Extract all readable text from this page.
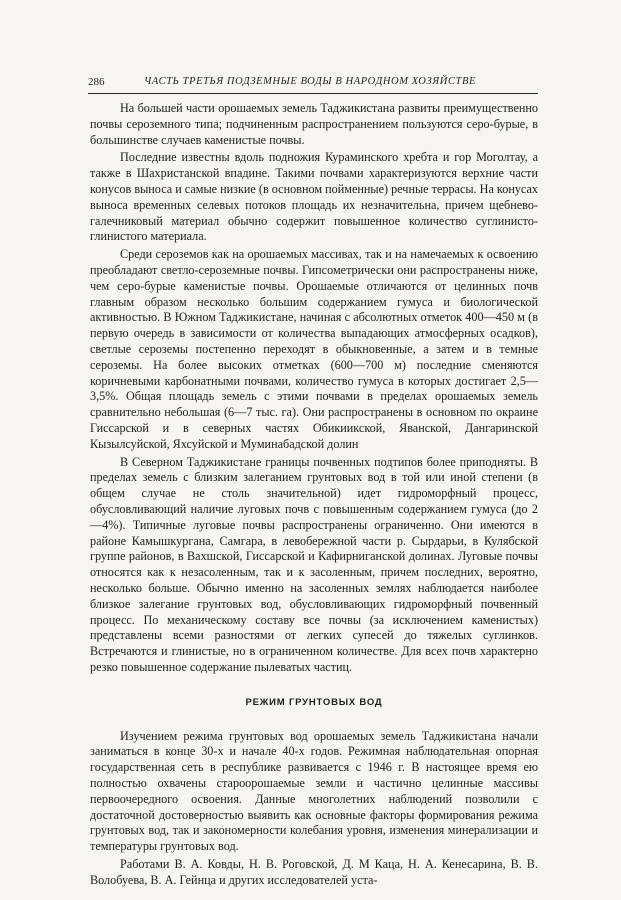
286	ЧАСТЬ ТРЕТЬЯ ПОДЗЕМНЫЕ ВОДЫ В НАРОДНОМ ХОЗЯЙСТВЕ

На большей части орошаемых земель Таджикистана развиты преимущественно почвы сероземного типа; подчиненным распространением пользуются серо-бурые, в большинстве случаев каменистые почвы.

Последние известны вдоль подножия Кураминского хребта и гор Моголтау, а также в Шахристанской впадине. Такими почвами характеризуются верхние части конусов выноса и самые низкие (в основном пойменные) речные террасы. На конусах выноса временных селевых потоков площадь их незначительна, причем щебнево-галечниковый материал обычно содержит повышенное количество суглинисто-глинистого материала.

Среди сероземов как на орошаемых массивах, так и на намечаемых к освоению преобладают светло-сероземные почвы. Гипсометрически они распространены ниже, чем серо-бурые каменистые почвы. Орошаемые отличаются от целинных почв главным образом несколько большим содержанием гумуса и биологической активностью. В Южном Таджикистане, начиная с абсолютных отметок 400—450 м (в первую очередь в зависимости от количества выпадающих атмосферных осадков), светлые сероземы постепенно переходят в обыкновенные, а затем и в темные сероземы. На более высоких отметках (600—700 м) последние сменяются коричневыми карбонатными почвами, количество гумуса в которых достигает 2,5—3,5%. Общая площадь земель с этими почвами в пределах орошаемых земель сравнительно небольшая (6—7 тыс. га). Они распространены в основном по окраине Гиссарской и в северных частях Обикиикской, Яванской, Дангаринской Кызылсуйской, Яхсуйской и Муминабадской долин

В Северном Таджикистане границы почвенных подтипов более приподняты. В пределах земель с близким залеганием грунтовых вод в той или иной степени (в общем случае не столь значительной) идет гидроморфный процесс, обусловливающий наличие луговых почв с повышенным содержанием гумуса (до 2—4%). Типичные луговые почвы распространены ограниченно. Они имеются в районе Камышкургана, Самгара, в левобережной части р. Сырдарьи, в Кулябской группе районов, в Вахшской, Гиссарской и Кафирниганской долинах. Луговые почвы относятся как к незасоленным, так и к засоленным, причем последних, вероятно, несколько больше. Обычно именно на засоленных землях наблюдается наиболее близкое залегание грунтовых вод, обусловливающих гидроморфный почвенный процесс. По механическому составу все почвы (за исключением каменистых) представлены всеми разностями от легких супесей до тяжелых суглинков. Встречаются и глинистые, но в ограниченном количестве. Для всех почв характерно резко повышенное содержание пылеватых частиц.

РЕЖИМ ГРУНТОВЫХ ВОД

Изучением режима грунтовых вод орошаемых земель Таджикистана начали заниматься в конце 30-х и начале 40-х годов. Режимная наблюдательная опорная государственная сеть в республике развивается с 1946 г. В настоящее время ею полностью охвачены староорошаемые земли и частично целинные массивы первоочередного освоения. Данные многолетних наблюдений позволили с достаточной достоверностью выявить как основные факторы формирования режима грунтовых вод, так и закономерности колебания уровня, изменения минерализации и температуры грунтовых вод.

Работами В. А. Ковды, Н. В. Роговской, Д. М Каца, Н. А. Кенесарина, В. В. Волобуева, В. А. Гейнца и других исследователей уста-
